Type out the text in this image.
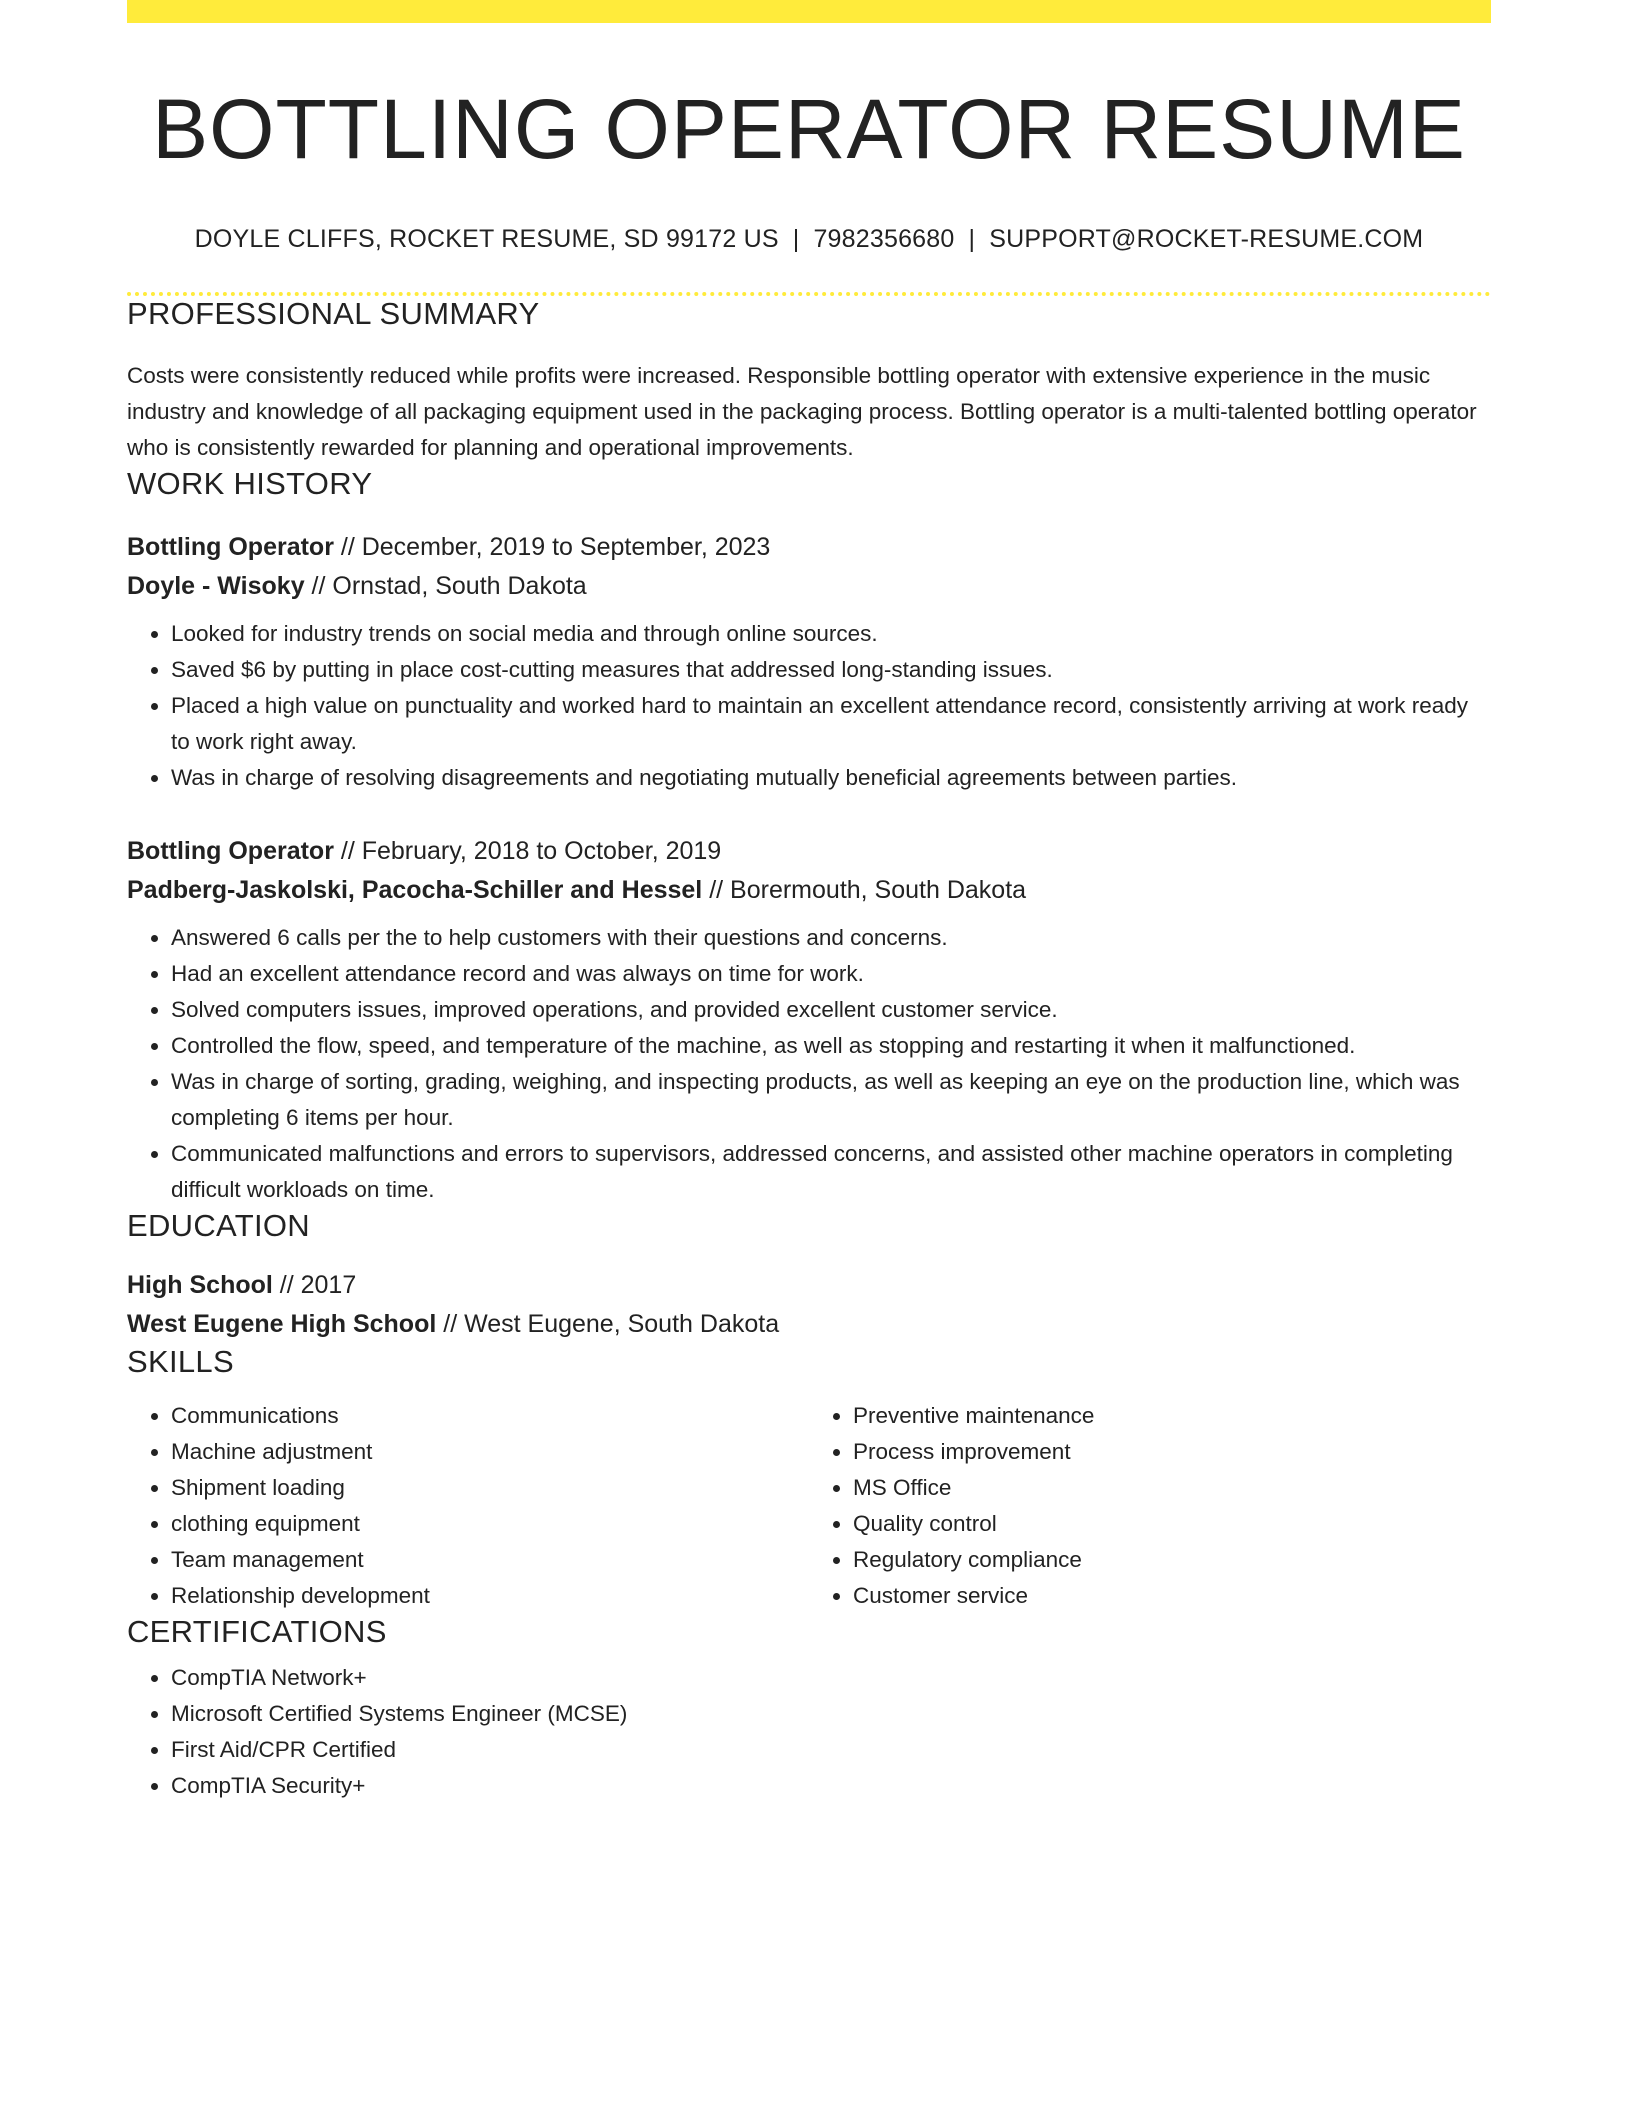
BOTTLING OPERATOR RESUME
DOYLE CLIFFS, ROCKET RESUME, SD 99172 US | 7982356680 | SUPPORT@ROCKET-RESUME.COM
PROFESSIONAL SUMMARY

Costs were consistently reduced while profits were increased. Responsible bottling operator with extensive experience in the music industry and knowledge of all packaging equipment used in the packaging process. Bottling operator is a multi-talented bottling operator who is consistently rewarded for planning and operational improvements.

WORK HISTORY
Bottling Operator // December, 2019 to September, 2023
Doyle - Wisoky // Ornstad, South Dakota
• Looked for industry trends on social media and through online sources.
• Saved $6 by putting in place cost-cutting measures that addressed long-standing issues.
• Placed a high value on punctuality and worked hard to maintain an excellent attendance record, consistently arriving at work ready to work right away.
• Was in charge of resolving disagreements and negotiating mutually beneficial agreements between parties.
Bottling Operator // February, 2018 to October, 2019
Padberg-Jaskolski, Pacocha-Schiller and Hessel // Borermouth, South Dakota
• Answered 6 calls per the to help customers with their questions and concerns.
• Had an excellent attendance record and was always on time for work.
• Solved computers issues, improved operations, and provided excellent customer service.
• Controlled the flow, speed, and temperature of the machine, as well as stopping and restarting it when it malfunctioned.
• Was in charge of sorting, grading, weighing, and inspecting products, as well as keeping an eye on the production line, which was completing 6 items per hour.
• Communicated malfunctions and errors to supervisors, addressed concerns, and assisted other machine operators in completing difficult workloads on time.
EDUCATION
High School // 2017
West Eugene High School // West Eugene, South Dakota
SKILLS
• Communications
• Machine adjustment
• Shipment loading
• clothing equipment
• Team management
• Relationship development
• Preventive maintenance
• Process improvement
• MS Office
• Quality control
• Regulatory compliance
• Customer service
CERTIFICATIONS
• CompTIA Network+
• Microsoft Certified Systems Engineer (MCSE)
• First Aid/CPR Certified
• CompTIA Security+
